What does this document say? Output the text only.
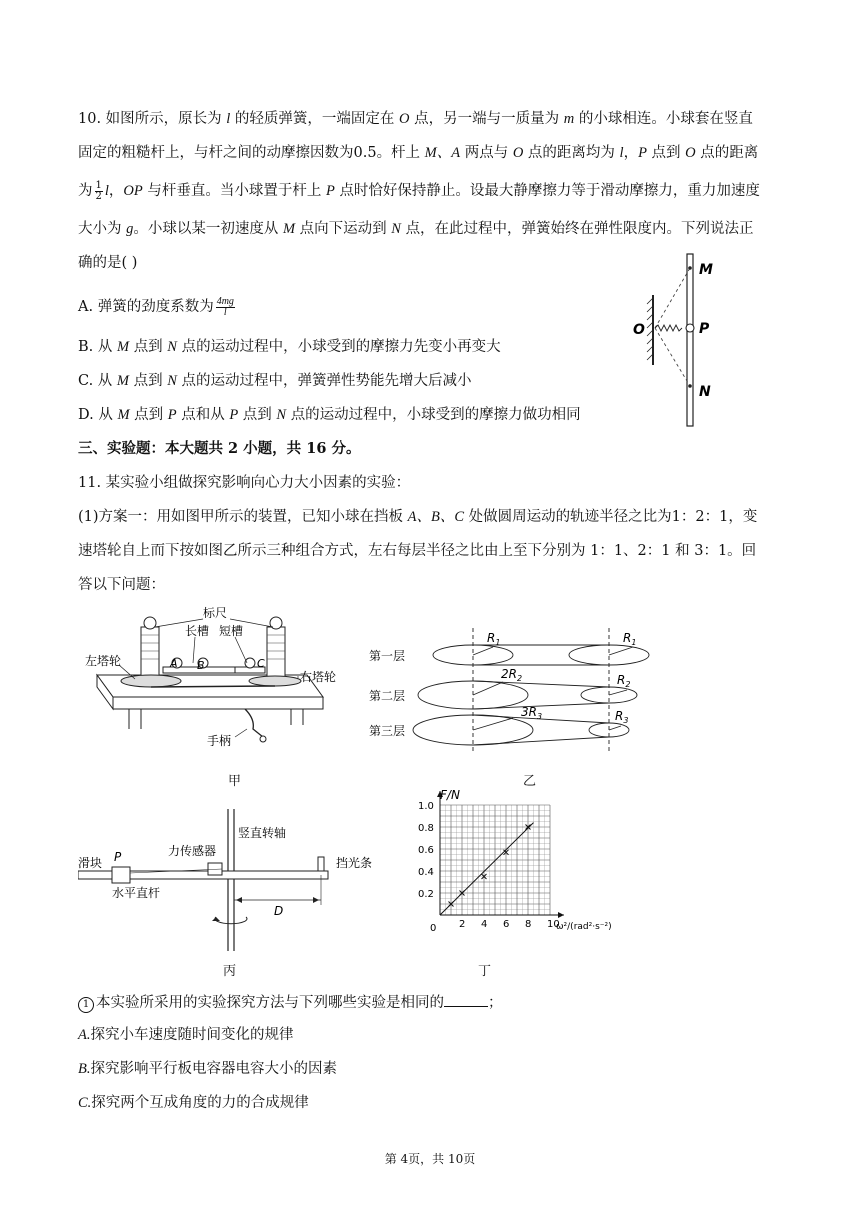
10. 如图所示，原长为 l 的轻质弹簧，一端固定在 O 点，另一端与一质量为 m 的小球相连。小球套在竖直
固定的粗糙杆上，与杆之间的动摩擦因数为0.5。杆上 M、A 两点与 O 点的距离均为 l，P 点到 O 点的距离
为 $\frac{1}{2}$ l，OP 与杆垂直。当小球置于杆上 P 点时恰好保持静止。设最大静摩擦力等于滑动摩擦力，重力加速度
大小为 g。小球以某一初速度从 M 点向下运动到 N 点，在此过程中，弹簧始终在弹性限度内。下列说法正
确的是( )
A. 弹簧的劲度系数为 $\frac{4mg}{l}$
B. 从 M 点到 N 点的运动过程中，小球受到的摩擦力先变小再变大
C. 从 M 点到 N 点的运动过程中，弹簧弹性势能先增大后减小
D. 从 M 点到 P 点和从 P 点到 N 点的运动过程中，小球受到的摩擦力做功相同
M
O	P
N
三、实验题：本大题共 2 小题，共 16 分。
11. 某实验小组做探究影响向心力大小因素的实验：
(1)方案一：用如图甲所示的装置，已知小球在挡板 A、B、C 处做圆周运动的轨迹半径之比为1：2：1，变
速塔轮自上而下按如图乙所示三种组合方式，左右每层半径之比由上至下分别为 1：1、2：1 和 3：1。回
答以下问题：
A B	C
标尺
长槽 短槽
左塔轮
右塔轮
手柄
甲
第一层
第二层
第三层
$R_1$	$R_1$
$2R_2$	$R_2$
$3R_3$	$R_3$
乙
滑块 P	力传感器
竖直转轴
水平直杆
挡光条
D
丙
2 4 6 8 10
0.2
0.4
0.6
0.8
1.0
F/N
ω²/(rad²·s⁻²)
0
丁
1 本实验所采用的实验探究方法与下列哪些实验是相同的	；
A.探究小车速度随时间变化的规律
B.探究影响平行板电容器电容大小的因素
C.探究两个互成角度的力的合成规律
第 4页，共 10页
